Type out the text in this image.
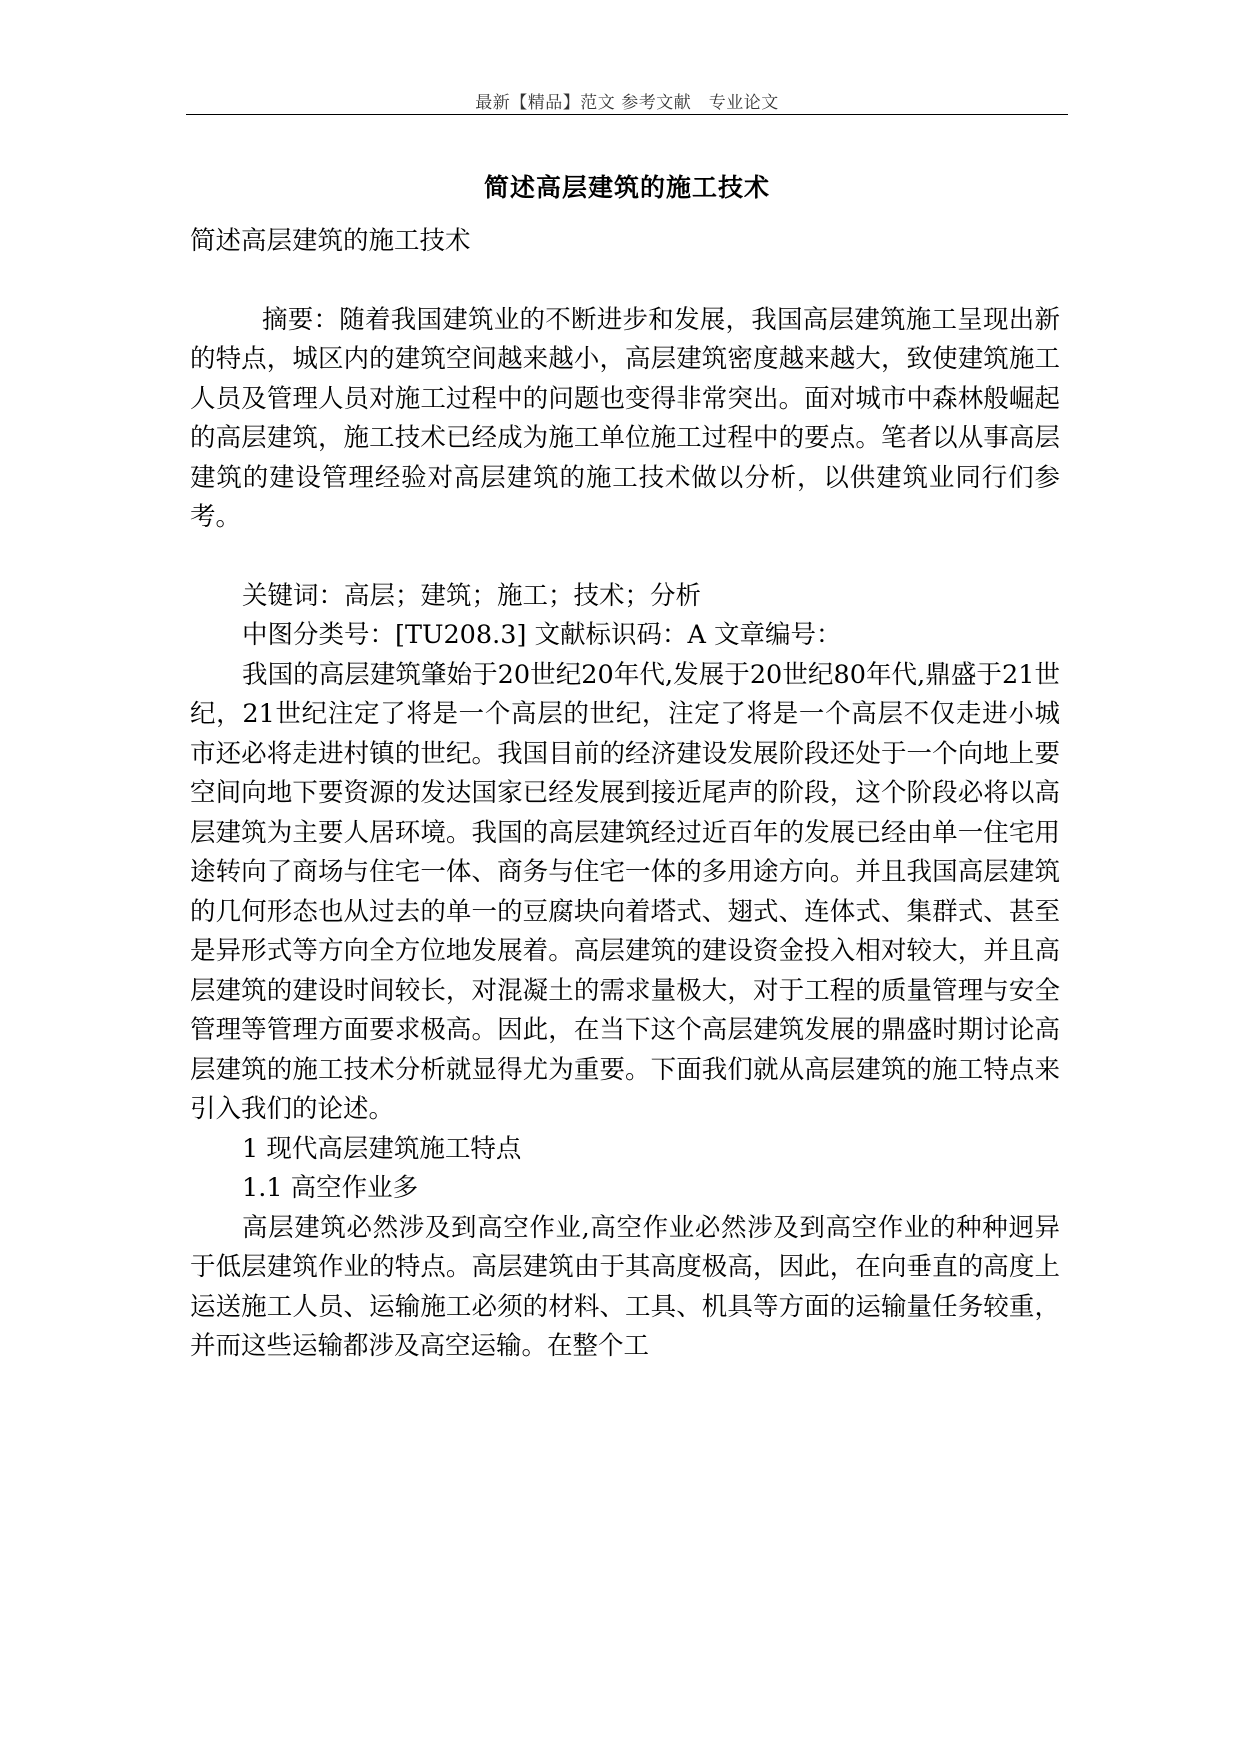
最新【精品】范文 参考文献　专业论文
简述高层建筑的施工技术

简述高层建筑的施工技术

摘要：随着我国建筑业的不断进步和发展，我国高层建筑施工呈现出新的特点，城区内的建筑空间越来越小，高层建筑密度越来越大，致使建筑施工人员及管理人员对施工过程中的问题也变得非常突出。面对城市中森林般崛起的高层建筑，施工技术已经成为施工单位施工过程中的要点。笔者以从事高层建筑的建设管理经验对高层建筑的施工技术做以分析，以供建筑业同行们参考。

关键词：高层；建筑；施工；技术；分析

中图分类号：[TU208.3] 文献标识码：A 文章编号：

我国的高层建筑肇始于20世纪20年代,发展于20世纪80年代,鼎盛于21世纪，21世纪注定了将是一个高层的世纪，注定了将是一个高层不仅走进小城市还必将走进村镇的世纪。我国目前的经济建设发展阶段还处于一个向地上要空间向地下要资源的发达国家已经发展到接近尾声的阶段，这个阶段必将以高层建筑为主要人居环境。我国的高层建筑经过近百年的发展已经由单一住宅用途转向了商场与住宅一体、商务与住宅一体的多用途方向。并且我国高层建筑的几何形态也从过去的单一的豆腐块向着塔式、翅式、连体式、集群式、甚至是异形式等方向全方位地发展着。高层建筑的建设资金投入相对较大，并且高层建筑的建设时间较长，对混凝土的需求量极大，对于工程的质量管理与安全管理等管理方面要求极高。因此，在当下这个高层建筑发展的鼎盛时期讨论高层建筑的施工技术分析就显得尤为重要。下面我们就从高层建筑的施工特点来引入我们的论述。

1 现代高层建筑施工特点

1.1 高空作业多

高层建筑必然涉及到高空作业,高空作业必然涉及到高空作业的种种迥异于低层建筑作业的特点。高层建筑由于其高度极高，因此，在向垂直的高度上运送施工人员、运输施工必须的材料、工具、机具等方面的运输量任务较重，并而这些运输都涉及高空运输。在整个工
